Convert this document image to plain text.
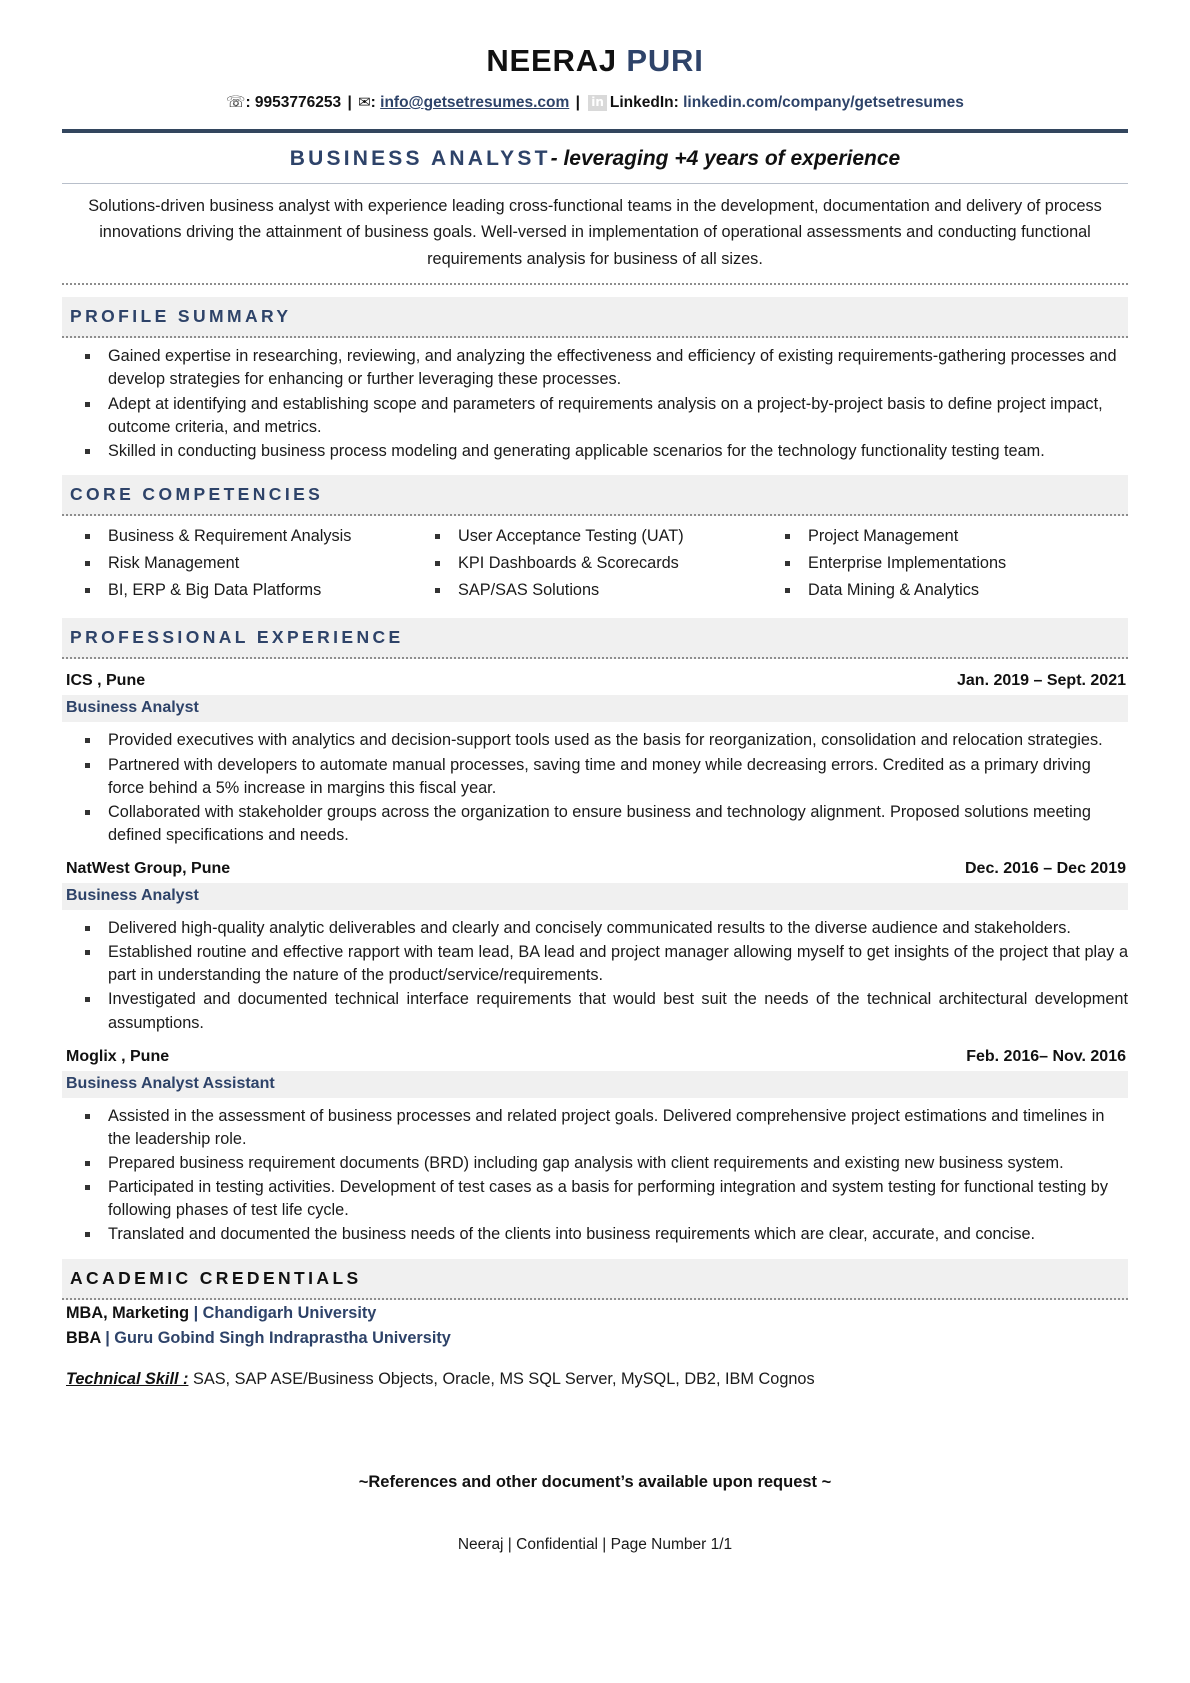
NEERAJ PURI
☏: 9953776253 | ✉: info@getsetresumes.com | in LinkedIn: linkedin.com/company/getsetresumes
BUSINESS ANALYST- leveraging +4 years of experience
Solutions-driven business analyst with experience leading cross-functional teams in the development, documentation and delivery of process innovations driving the attainment of business goals. Well-versed in implementation of operational assessments and conducting functional requirements analysis for business of all sizes.
PROFILE SUMMARY
Gained expertise in researching, reviewing, and analyzing the effectiveness and efficiency of existing requirements-gathering processes and develop strategies for enhancing or further leveraging these processes.
Adept at identifying and establishing scope and parameters of requirements analysis on a project-by-project basis to define project impact, outcome criteria, and metrics.
Skilled in conducting business process modeling and generating applicable scenarios for the technology functionality testing team.
CORE COMPETENCIES
Business & Requirement Analysis	User Acceptance Testing (UAT)	Project Management
Risk Management	KPI Dashboards & Scorecards	Enterprise Implementations
BI, ERP & Big Data Platforms	SAP/SAS Solutions	Data Mining & Analytics
PROFESSIONAL EXPERIENCE
ICS , Pune	Jan. 2019 – Sept. 2021
Business Analyst
Provided executives with analytics and decision-support tools used as the basis for reorganization, consolidation and relocation strategies.
Partnered with developers to automate manual processes, saving time and money while decreasing errors. Credited as a primary driving force behind a 5% increase in margins this fiscal year.
Collaborated with stakeholder groups across the organization to ensure business and technology alignment. Proposed solutions meeting defined specifications and needs.
NatWest Group, Pune	Dec. 2016 – Dec 2019
Business Analyst
Delivered high-quality analytic deliverables and clearly and concisely communicated results to the diverse audience and stakeholders.
Established routine and effective rapport with team lead, BA lead and project manager allowing myself to get insights of the project that play a part in understanding the nature of the product/service/requirements.
Investigated and documented technical interface requirements that would best suit the needs of the technical architectural development assumptions.
Moglix , Pune	Feb. 2016– Nov. 2016
Business Analyst Assistant
Assisted in the assessment of business processes and related project goals. Delivered comprehensive project estimations and timelines in the leadership role.
Prepared business requirement documents (BRD) including gap analysis with client requirements and existing new business system.
Participated in testing activities. Development of test cases as a basis for performing integration and system testing for functional testing by following phases of test life cycle.
Translated and documented the business needs of the clients into business requirements which are clear, accurate, and concise.
ACADEMIC CREDENTIALS
MBA, Marketing | Chandigarh University
BBA | Guru Gobind Singh Indraprastha University
Technical Skill : SAS, SAP ASE/Business Objects, Oracle, MS SQL Server, MySQL, DB2, IBM Cognos
~References and other document’s available upon request ~
Neeraj | Confidential | Page Number 1/1
